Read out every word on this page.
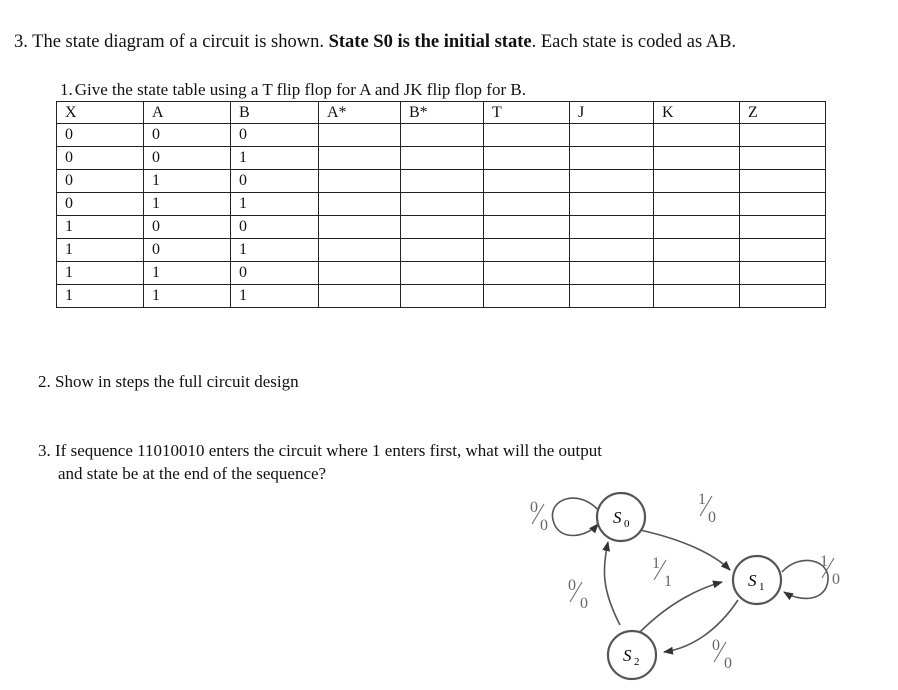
3. The state diagram of a circuit is shown. State S0 is the initial state. Each state is coded as AB.
1. Give the state table using a T flip flop for A and JK flip flop for B.
X	A	B	A*	B*	T	J	K	Z
0	0	0						
0	0	1						
0	1	0						
0	1	1						
1	0	0						
1	0	1						
1	1	0						
1	1	1						
2. Show in steps the full circuit design
3. If sequence 11010010 enters the circuit where 1 enters first, what will the output
and state be at the end of the sequence?
S 0
S 1
S 2
0
0
1
0
1
0
0
0
1
1
0
0
